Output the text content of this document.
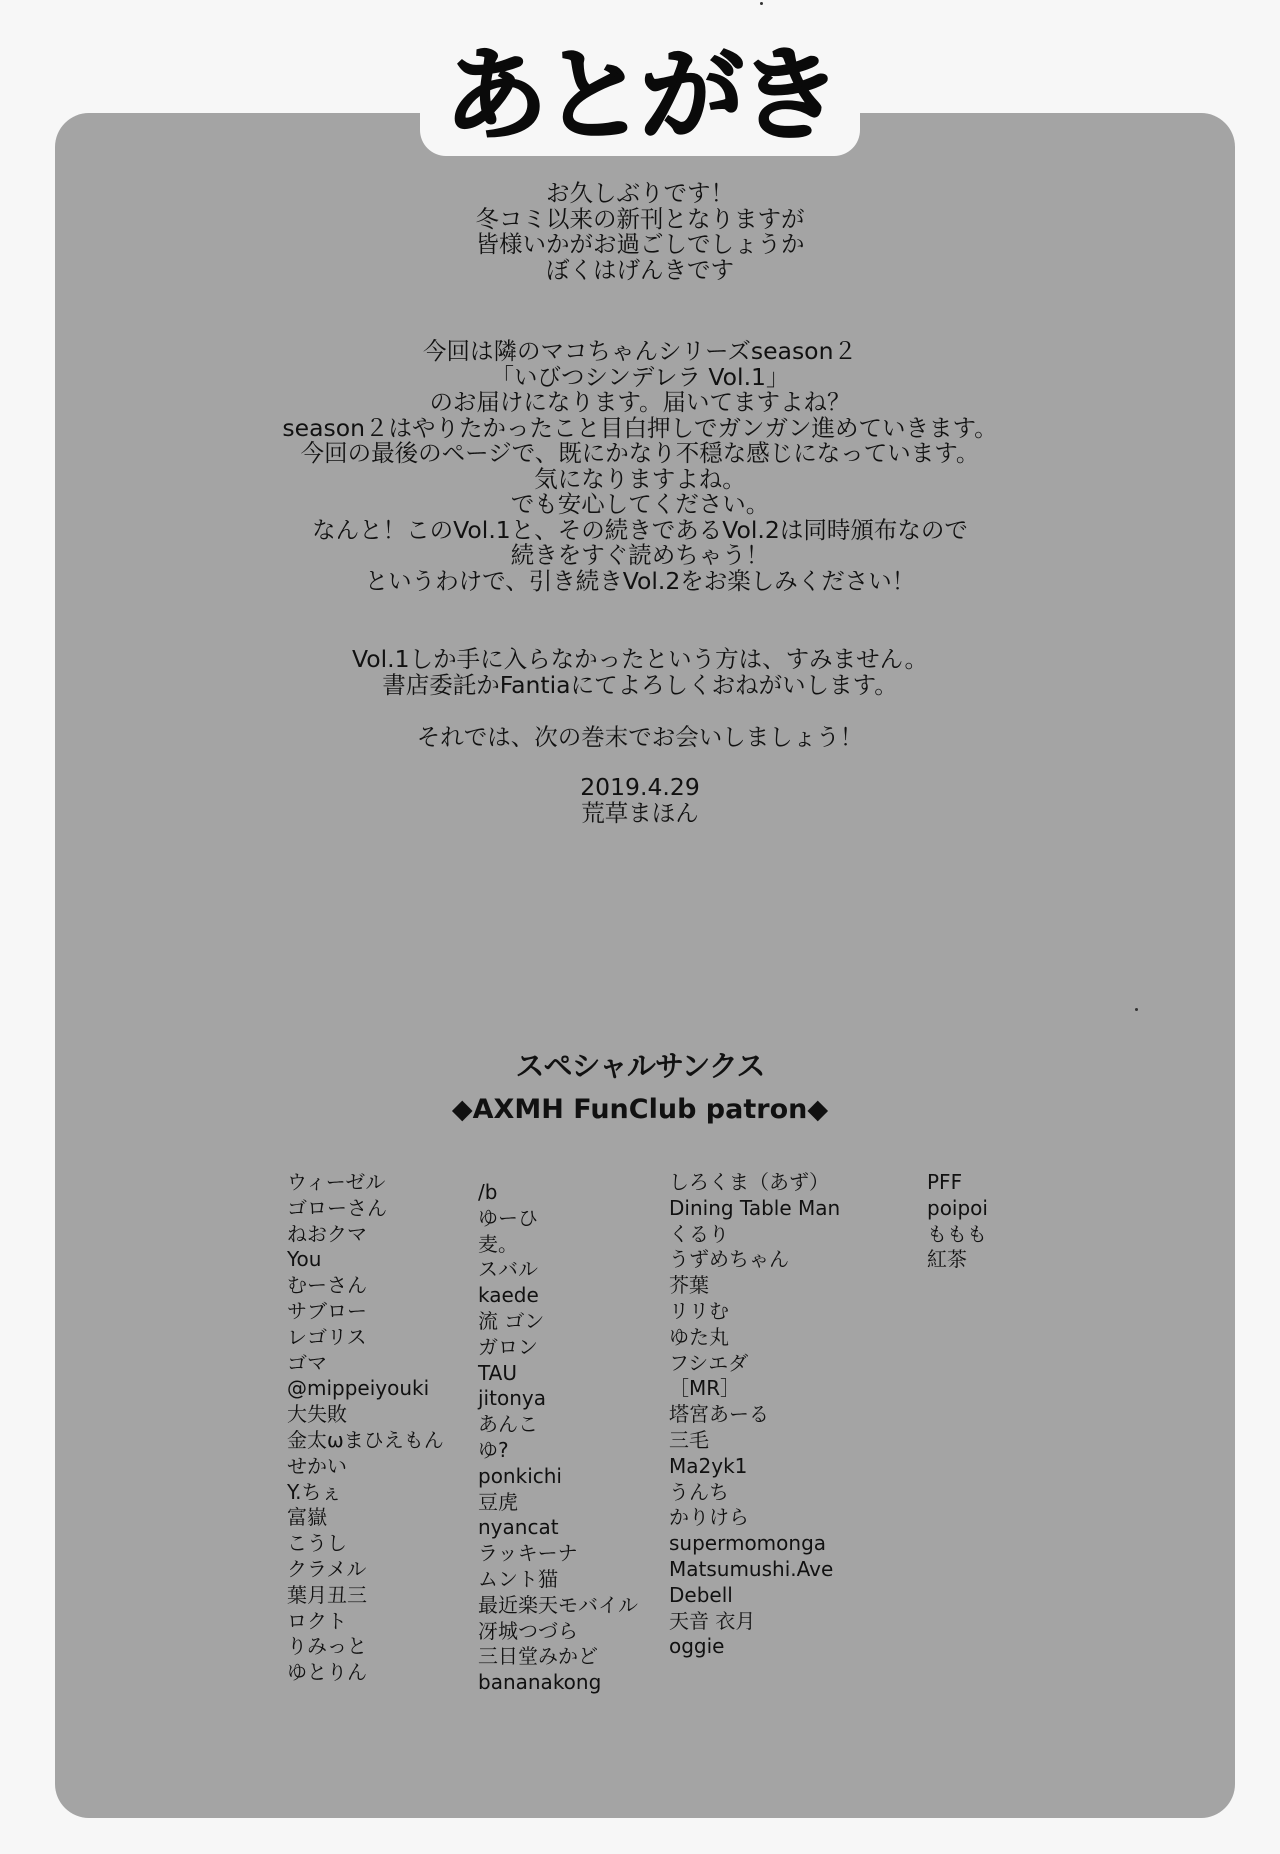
あとがき

お久しぶりです！

冬コミ以来の新刊となりますが

皆様いかがお過ごしでしょうか

ぼくはげんきです

今回は隣のマコちゃんシリーズseason２

「いびつシンデレラ Vol.1」

のお届けになります。届いてますよね？

season２はやりたかったこと目白押しでガンガン進めていきます。

今回の最後のページで、既にかなり不穏な感じになっています。

気になりますよね。

でも安心してください。

なんと！このVol.1と、その続きであるVol.2は同時頒布なので

続きをすぐ読めちゃう！

というわけで、引き続きVol.2をお楽しみください！

Vol.1しか手に入らなかったという方は、すみません。

書店委託かFantiaにてよろしくおねがいします。

それでは、次の巻末でお会いしましょう！

2019.4.29

荒草まほん

スペシャルサンクス
◆AXMH FunClub patron◆
ウィーゼル
ゴローさん
ねおクマ
You
むーさん
サブロー
レゴリス
ゴマ
@mippeiyouki
大失敗
金太ωまひえもん
せかい
Y.ちぇ
富嶽
こうし
クラメル
葉月丑三
ロクト
りみっと
ゆとりん
/b
ゆーひ
麦。
スバル
kaede
流 ゴン
ガロン
TAU
jitonya
あんこ
ゆ?
ponkichi
豆虎
nyancat
ラッキーナ
ムント猫
最近楽天モバイル
冴城つづら
三日堂みかど
bananakong
しろくま（あず）
Dining Table Man
くるり
うずめちゃん
芥葉
リリむ
ゆた丸
フシエダ
［MR］
塔宮あーる
三毛
Ma2yk1
うんち
かりけら
supermomonga
Matsumushi.Ave
Debell
天音 衣月
oggie
PFF
poipoi
ももも
紅茶
